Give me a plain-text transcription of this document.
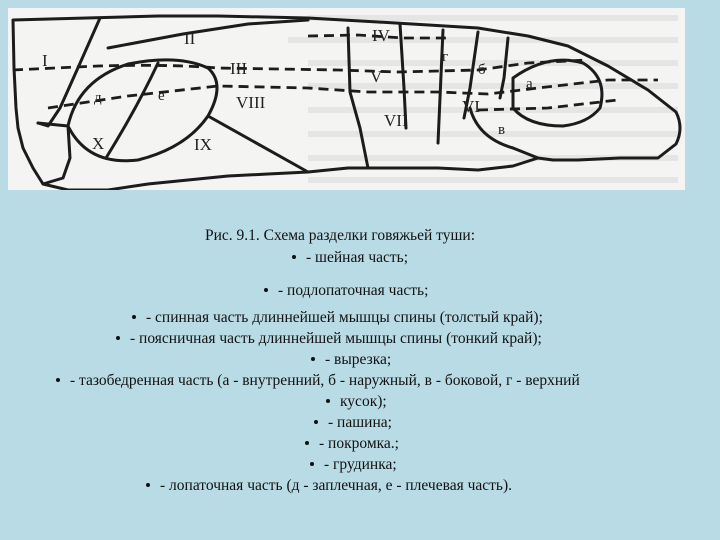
I
II
III
IV
V
VI
VII
VIII
IX
X
а
б
в
г
д	е
Рис. 9.1. Схема разделки говяжьей туши:
- шейная часть;
- подлопаточная часть;
- спинная часть длиннейшей мышцы спины (толстый край);
- поясничная часть длиннейшей мышцы спины (тонкий край);
- вырезка;
- тазобедренная часть (а - внутренний, б - наружный, в - боковой, г - верхний
кусок);
- пашина;
- покромка.;
- грудинка;
- лопаточная часть (д - заплечная, е - плечевая часть).
